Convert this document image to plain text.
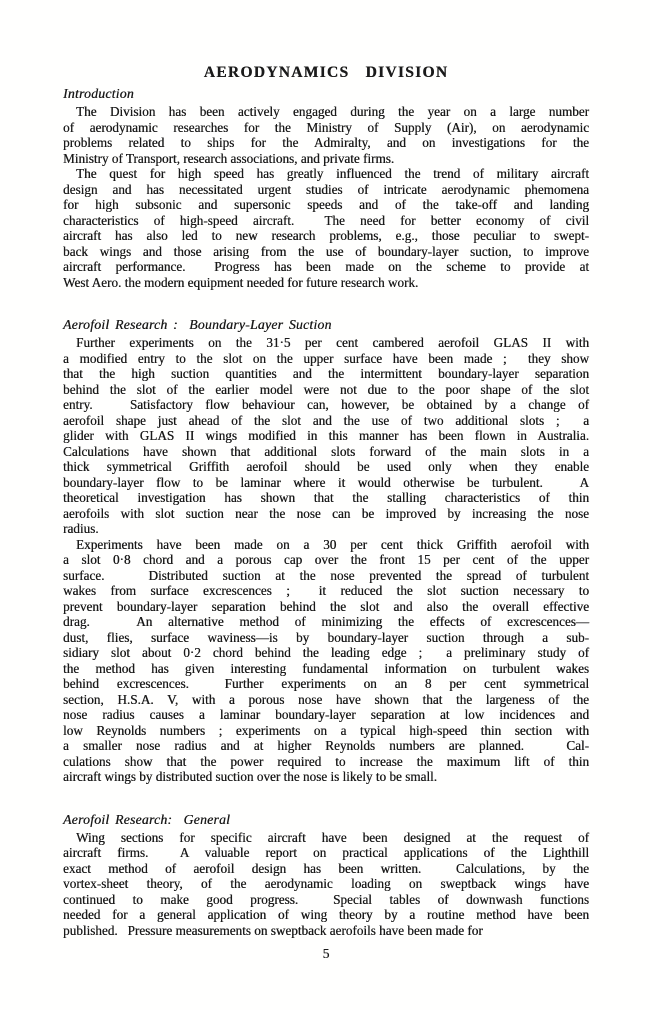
AERODYNAMICS DIVISION
Introduction
The Division has been actively engaged during the year on a large number
of aerodynamic researches for the Ministry of Supply (Air), on aerodynamic
problems related to ships for the Admiralty, and on investigations for the
Ministry of Transport, research associations, and private firms.
The quest for high speed has greatly influenced the trend of military aircraft
design and has necessitated urgent studies of intricate aerodynamic phemomena
for high subsonic and supersonic speeds and of the take-off and landing
characteristics of high-speed aircraft.  The need for better economy of civil
aircraft has also led to new research problems, e.g., those peculiar to swept-
back wings and those arising from the use of boundary-layer suction, to improve
aircraft performance.  Progress has been made on the scheme to provide at
West Aero. the modern equipment needed for future research work.
Aerofoil Research :  Boundary-Layer Suction
Further experiments on the 31·5 per cent cambered aerofoil GLAS II with
a modified entry to the slot on the upper surface have been made ;  they show
that the high suction quantities and the intermittent boundary-layer separation
behind the slot of the earlier model were not due to the poor shape of the slot
entry.   Satisfactory flow behaviour can, however, be obtained by a change of
aerofoil shape just ahead of the slot and the use of two additional slots ;  a
glider with GLAS II wings modified in this manner has been flown in Australia.
Calculations have shown that additional slots forward of the main slots in a
thick symmetrical Griffith aerofoil should be used only when they enable
boundary-layer flow to be laminar where it would otherwise be turbulent.   A
theoretical investigation has shown that the stalling characteristics of thin
aerofoils with slot suction near the nose can be improved by increasing the nose
radius.
Experiments have been made on a 30 per cent thick Griffith aerofoil with
a slot 0·8 chord and a porous cap over the front 15 per cent of the upper
surface.   Distributed suction at the nose prevented the spread of turbulent
wakes from surface excrescences ;  it reduced the slot suction necessary to
prevent boundary-layer separation behind the slot and also the overall effective
drag.   An alternative method of minimizing the effects of excrescences—
dust, flies, surface waviness—is by boundary-layer suction through a sub-
sidiary slot about 0·2 chord behind the leading edge ;  a preliminary study of
the method has given interesting fundamental information on turbulent wakes
behind excrescences.  Further experiments on an 8 per cent symmetrical
section, H.S.A. V, with a porous nose have shown that the largeness of the
nose radius causes a laminar boundary-layer separation at low incidences and
low Reynolds numbers ; experiments on a typical high-speed thin section with
a smaller nose radius and at higher Reynolds numbers are planned.   Cal-
culations show that the power required to increase the maximum lift of thin
aircraft wings by distributed suction over the nose is likely to be small.
Aerofoil Research:  General
Wing sections for specific aircraft have been designed at the request of
aircraft firms.  A valuable report on practical applications of the Lighthill
exact method of aerofoil design has been written.  Calculations, by the
vortex-sheet theory, of the aerodynamic loading on sweptback wings have
continued to make good progress.  Special tables of downwash functions
needed for a general application of wing theory by a routine method have been
published.   Pressure measurements on sweptback aerofoils have been made for
5
